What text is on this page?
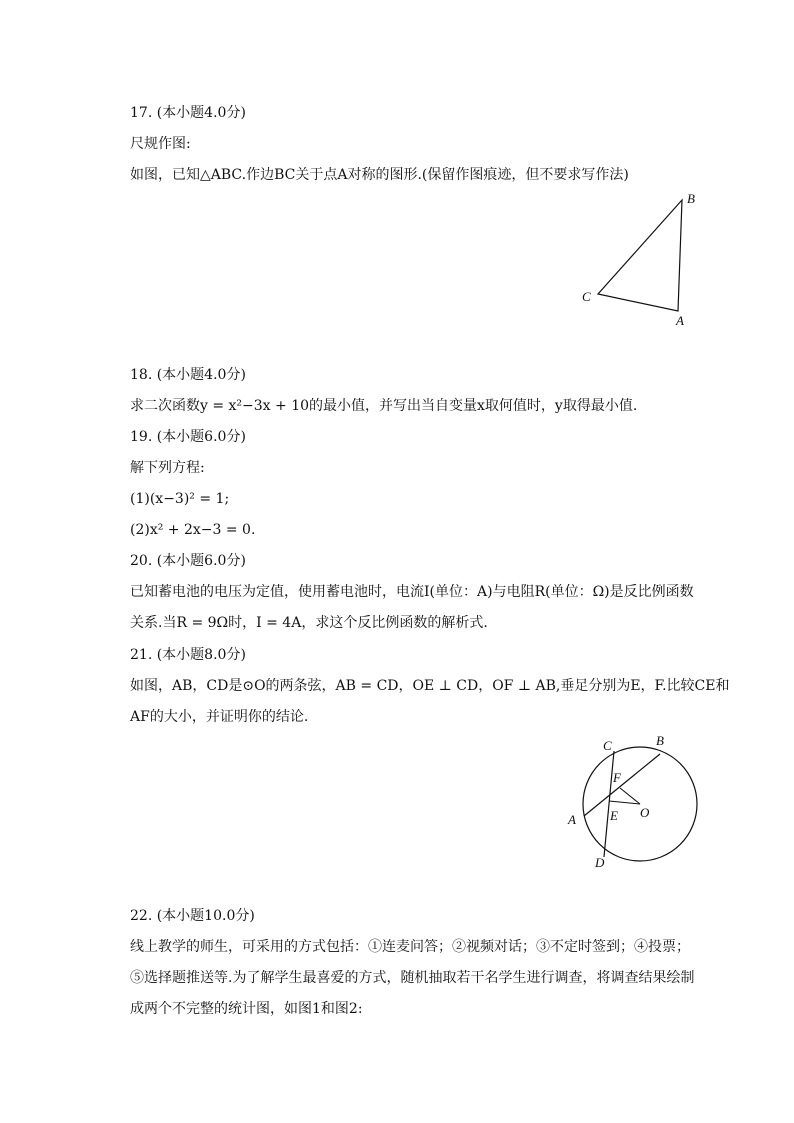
17. (本小题4.0分)
尺规作图:
如图，已知△ABC.作边BC关于点A对称的图形.(保留作图痕迹，但不要求写作法)
B
C
A
18. (本小题4.0分)
求二次函数y = x²−3x + 10的最小值，并写出当自变量x取何值时，y取得最小值.
19. (本小题6.0分)
解下列方程:
(1)(x−3)² = 1;
(2)x² + 2x−3 = 0.
20. (本小题6.0分)
已知蓄电池的电压为定值，使用蓄电池时，电流I(单位：A)与电阻R(单位：Ω)是反比例函数
关系.当R = 9Ω时，I = 4A，求这个反比例函数的解析式.
21. (本小题8.0分)
如图，AB，CD是⊙O的两条弦，AB = CD，OE ⊥ CD，OF ⊥ AB,垂足分别为E，F.比较CE和
AF的大小，并证明你的结论.
C	B
F
O
E
A
D
22. (本小题10.0分)
线上教学的师生，可采用的方式包括：①连麦问答；②视频对话；③不定时签到；④投票；
⑤选择题推送等.为了解学生最喜爱的方式，随机抽取若干名学生进行调查，将调查结果绘制
成两个不完整的统计图，如图1和图2:
